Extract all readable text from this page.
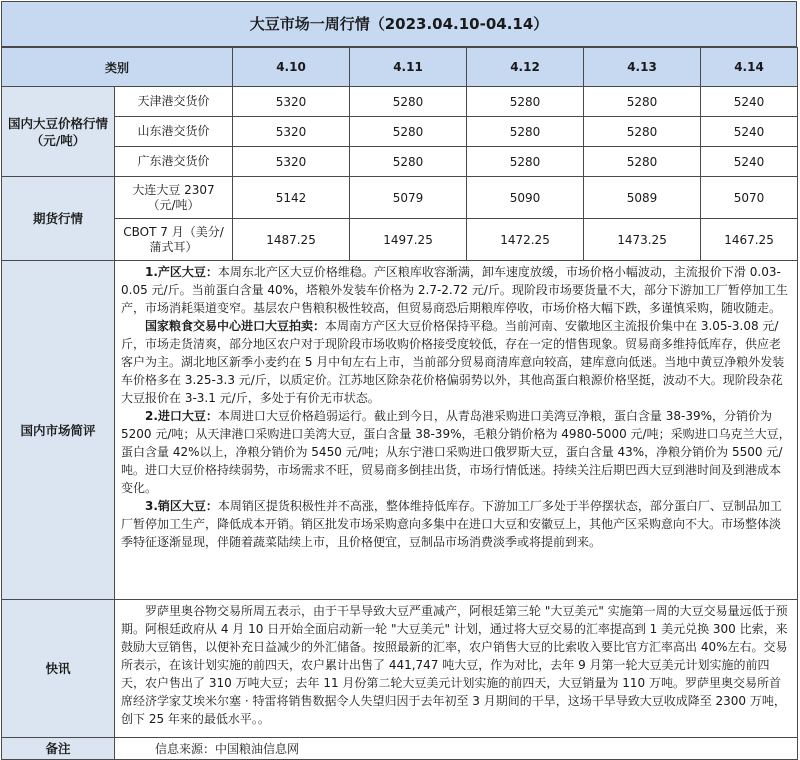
大豆市场一周行情（2023.04.10-04.14）
类别		4.10	4.11	4.12	4.13	4.14
国内大豆价格行情（元/吨）	天津港交货价	5320	5280	5280	5280	5240
	山东港交货价	5320	5280	5280	5280	5240
	广东港交货价	5320	5280	5280	5280	5240
期货行情	大连大豆 2307（元/吨）	5142	5079	5090	5089	5070
	CBOT 7 月（美分/蒲式耳）	1487.25	1497.25	1472.25	1473.25	1467.25
国内市场简评	1.产区大豆：本周东北产区大豆价格维稳。产区粮库收容渐满，卸车速度放缓，市场价格小幅波动，主流报价下滑 0.03-0.05 元/斤。当前蛋白含量 40%，塔粮外发装车价格为 2.7-2.72 元/斤。现阶段市场要货量不大，部分下游加工厂暂停加工生产，市场消耗渠道变窄。基层农户售粮积极性较高，但贸易商恐后期粮库停收，市场价格大幅下跌，多谨慎采购，随收随走。

国家粮食交易中心进口大豆拍卖：本周南方产区大豆价格保持平稳。当前河南、安徽地区主流报价集中在 3.05-3.08 元/斤，市场走货清爽，部分地区农户对于现阶段市场收购价格接受度较低，存在一定的惜售现象。贸易商多维持低库存，供应老客户为主。湖北地区新季小麦约在 5 月中旬左右上市，当前部分贸易商清库意向较高，建库意向低迷。当地中黄豆净粮外发装车价格多在 3.25-3.3 元/斤，以质定价。江苏地区除杂花价格偏弱势以外，其他高蛋白粮源价格坚挺，波动不大。现阶段杂花大豆报价在 3-3.1 元/斤，多处于有价无市状态。

2.进口大豆：本周进口大豆价格趋弱运行。截止到今日，从青岛港采购进口美湾豆净粮，蛋白含量 38-39%，分销价为 5200 元/吨；从天津港口采购进口美湾大豆，蛋白含量 38-39%，毛粮分销价格为 4980-5000 元/吨；采购进口乌克兰大豆，蛋白含量 42%以上，净粮分销价为 5450 元/吨；从东宁港口采购进口俄罗斯大豆，蛋白含量 43%，净粮分销价为 5500 元/吨。进口大豆价格持续弱势，市场需求不旺，贸易商多倒挂出货，市场行情低迷。持续关注后期巴西大豆到港时间及到港成本变化。

3.销区大豆：本周销区提货积极性并不高涨，整体维持低库存。下游加工厂多处于半停摆状态，部分蛋白厂、豆制品加工厂暂停加工生产，降低成本开销。销区批发市场采购意向多集中在进口大豆和安徽豆上，其他产区采购意向不大。市场整体淡季特征逐渐显现，伴随着蔬菜陆续上市，且价格便宜，豆制品市场消费淡季或将提前到来。					

快讯	罗萨里奥谷物交易所周五表示，由于干旱导致大豆严重减产，阿根廷第三轮 "大豆美元" 实施第一周的大豆交易量远低于预期。阿根廷政府从 4 月 10 日开始全面启动新一轮 "大豆美元" 计划，通过将大豆交易的汇率提高到 1 美元兑换 300 比索，来鼓励大豆销售，以便补充日益减少的外汇储备。按照最新的汇率，农户销售大豆的比索收入要比官方汇率高出 40%左右。交易所表示，在该计划实施的前四天，农户累计出售了 441,747 吨大豆，作为对比，去年 9 月第一轮大豆美元计划实施的前四天，农户售出了 310 万吨大豆；去年 11 月份第二轮大豆美元计划实施的前四天，大豆销量为 110 万吨。罗萨里奥交易所首席经济学家艾埃米尔塞 · 特雷将销售数据令人失望归因于去年初至 3 月期间的干旱，这场干旱导致大豆收成降至 2300 万吨，创下 25 年来的最低水平。。					

备注	信息来源：中国粮油信息网					
